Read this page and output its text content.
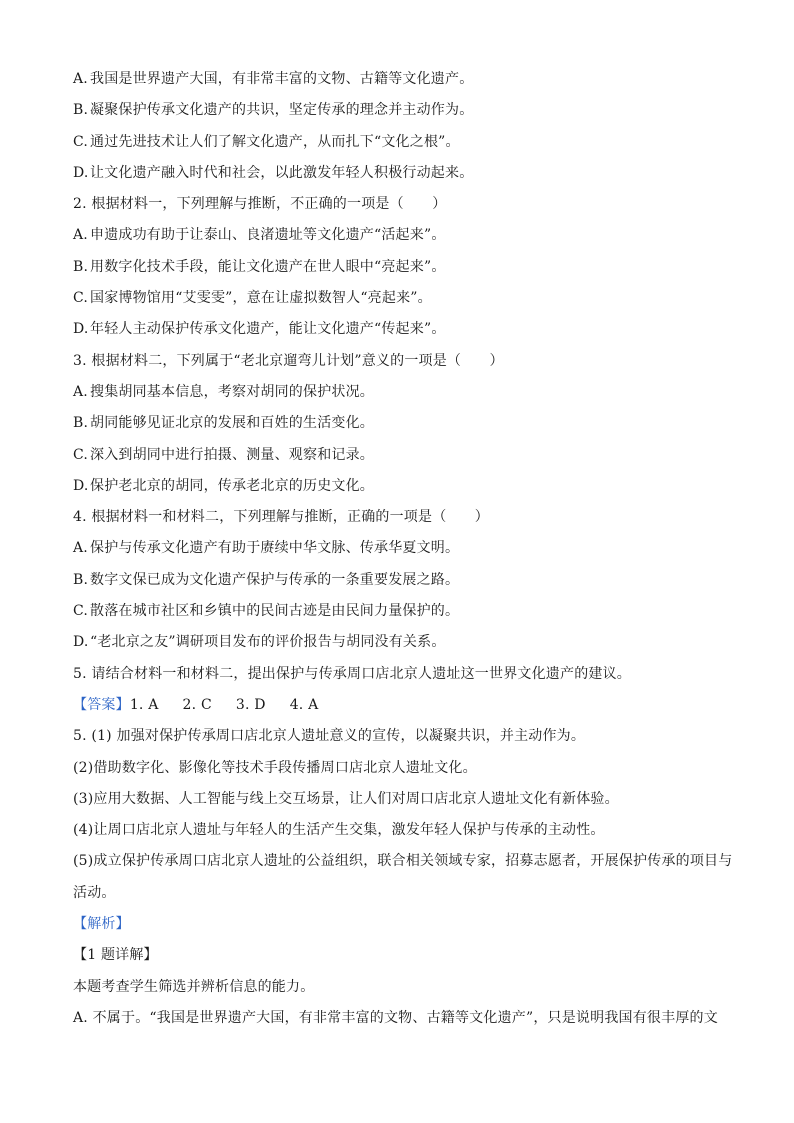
A. 我国是世界遗产大国，有非常丰富的文物、古籍等文化遗产。
B. 凝聚保护传承文化遗产的共识，坚定传承的理念并主动作为。
C. 通过先进技术让人们了解文化遗产，从而扎下“文化之根”。
D.让文化遗产融入时代和社会，以此激发年轻人积极行动起来。
2. 根据材料一，下列理解与推断，不正确的一项是（　　）
A. 申遗成功有助于让泰山、良渚遗址等文化遗产“活起来”。
B. 用数字化技术手段，能让文化遗产在世人眼中“亮起来”。
C. 国家博物馆用“艾雯雯”，意在让虚拟数智人“亮起来”。
D.年轻人主动保护传承文化遗产，能让文化遗产“传起来”。
3. 根据材料二，下列属于“老北京遛弯儿计划”意义的一项是（　　）
A. 搜集胡同基本信息，考察对胡同的保护状况。
B. 胡同能够见证北京的发展和百姓的生活变化。
C. 深入到胡同中进行拍摄、测量、观察和记录。
D.保护老北京的胡同，传承老北京的历史文化。
4. 根据材料一和材料二，下列理解与推断，正确的一项是（　　）
A. 保护与传承文化遗产有助于赓续中华文脉、传承华夏文明。
B. 数字文保已成为文化遗产保护与传承的一条重要发展之路。
C. 散落在城市社区和乡镇中的民间古迹是由民间力量保护的。
D.“老北京之友”调研项目发布的评价报告与胡同没有关系。
5. 请结合材料一和材料二，提出保护与传承周口店北京人遗址这一世界文化遗产的建议。
【答案】1. A 2. C 3. D 4. A
5. (1) 加强对保护传承周口店北京人遗址意义的宣传，以凝聚共识，并主动作为。
(2)借助数字化、影像化等技术手段传播周口店北京人遗址文化。
(3)应用大数据、人工智能与线上交互场景，让人们对周口店北京人遗址文化有新体验。
(4)让周口店北京人遗址与年轻人的生活产生交集，激发年轻人保护与传承的主动性。
(5)成立保护传承周口店北京人遗址的公益组织，联合相关领域专家，招募志愿者，开展保护传承的项目与
活动。
【解析】
【1 题详解】
本题考查学生筛选并辨析信息的能力。
A. 不属于。“我国是世界遗产大国，有非常丰富的文物、古籍等文化遗产”，只是说明我国有很丰厚的文
